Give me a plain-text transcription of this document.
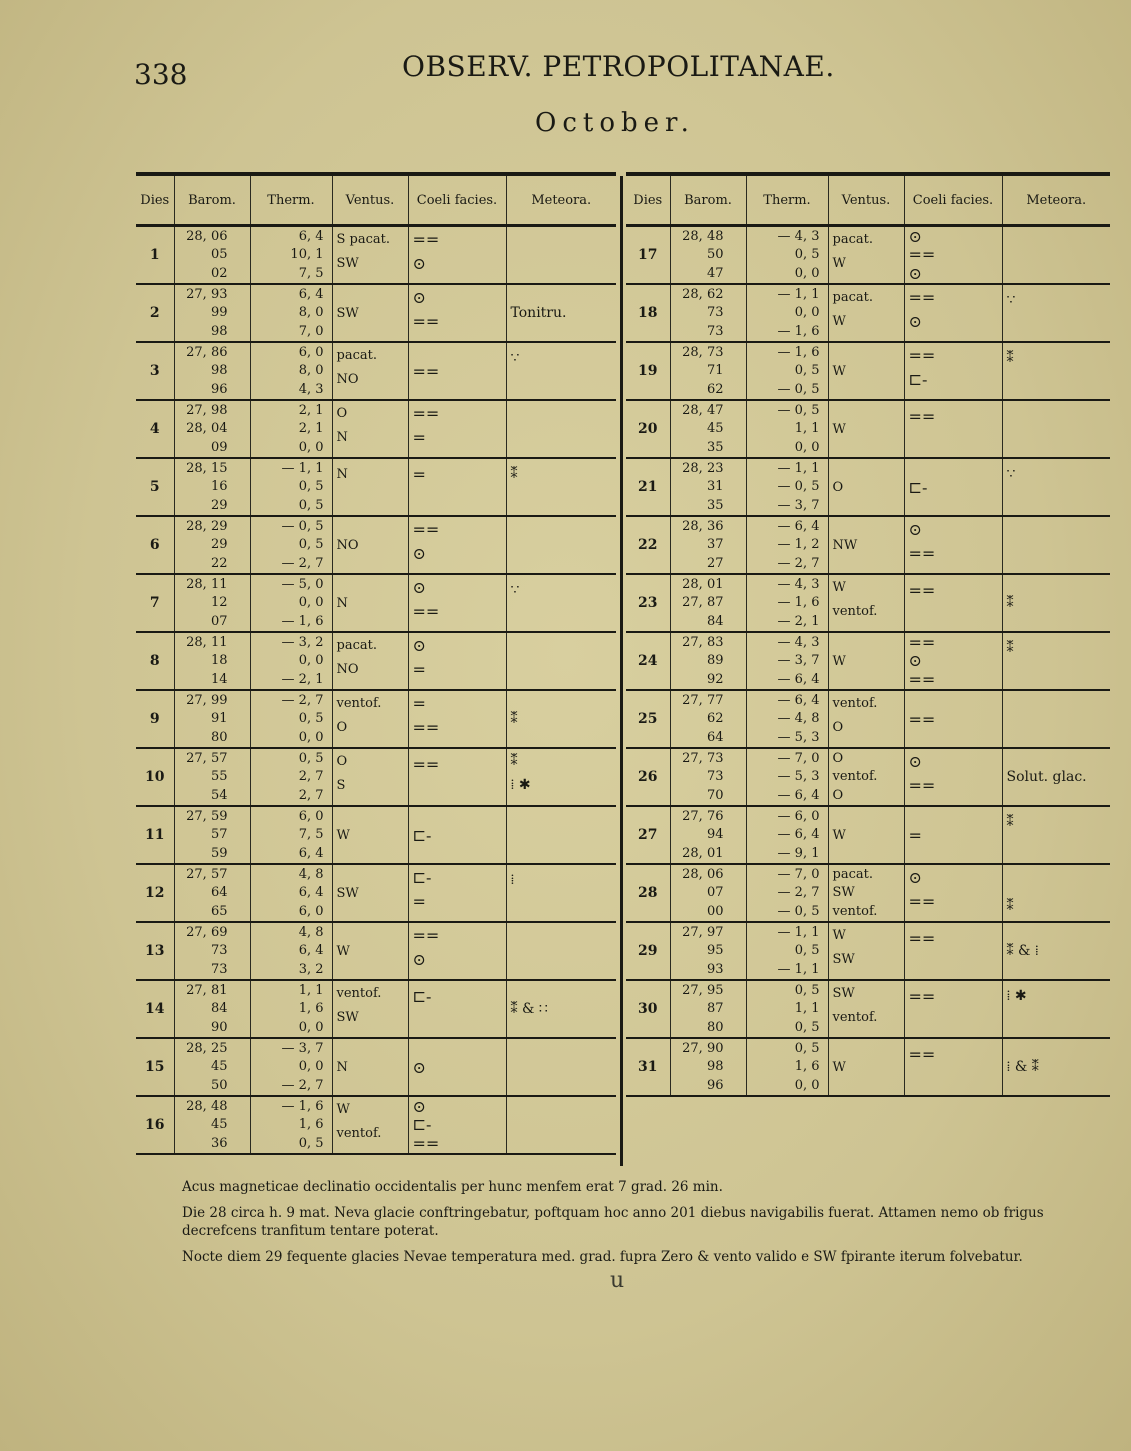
338	OBSERV. PETROPOLITANAE.
October.
Dies	Barom.	Therm.	Ventus.	Coeli facies.	Meteora.
1	28, 06
05
02	6, 4
10, 1
7, 5	S pacat.
SW	==
⊙	

2	27, 93
99
98	6, 4
8, 0
7, 0	SW	⊙
==	Tonitru.

3	27, 86
98
96	6, 0
8, 0
4, 3	pacat.
NO	==	∵

4	27, 98
28, 04
09	2, 1
2, 1
0, 0	O
N	==
=	

5	28, 15
16
29	— 1, 1
0, 5
0, 5	N	=	⁑

6	28, 29
29
22	— 0, 5
0, 5
— 2, 7	NO	==
⊙	

7	28, 11
12
07	— 5, 0
0, 0
— 1, 6	N	⊙
==	∵

8	28, 11
18
14	— 3, 2
0, 0
— 2, 1	pacat.
NO	⊙
=	

9	27, 99
91
80	— 2, 7
0, 5
0, 0	ventof.
O	=
==	⁑

10	27, 57
55
54	0, 5
2, 7
2, 7	O
S	==	⁑
⁞ ✱

11	27, 59
57
59	6, 0
7, 5
6, 4	W	⊏-	

12	27, 57
64
65	4, 8
6, 4
6, 0	SW	⊏-
=	⁞

13	27, 69
73
73	4, 8
6, 4
3, 2	W	==
⊙	

14	27, 81
84
90	1, 1
1, 6
0, 0	ventof.
SW	⊏-	⁑ & ∷

15	28, 25
45
50	— 3, 7
0, 0
— 2, 7	N	⊙	

16	28, 48
45
36	— 1, 6
1, 6
0, 5	W
ventof.	⊙
⊏-
==	

Dies	Barom.	Therm.	Ventus.	Coeli facies.	Meteora.
17	28, 48
50
47	— 4, 3
0, 5
0, 0	pacat.
W	⊙
==
⊙	

18	28, 62
73
73	— 1, 1
0, 0
— 1, 6	pacat.
W	==
⊙	∵

19	28, 73
71
62	— 1, 6
0, 5
— 0, 5	W	==
⊏-	⁑

20	28, 47
45
35	— 0, 5
1, 1
0, 0	W	==	

21	28, 23
31
35	— 1, 1
— 0, 5
— 3, 7	O	⊏-	∵

22	28, 36
37
27	— 6, 4
— 1, 2
— 2, 7	NW	⊙
==	

23	28, 01
27, 87
84	— 4, 3
— 1, 6
— 2, 1	W
ventof.	==	⁑

24	27, 83
89
92	— 4, 3
— 3, 7
— 6, 4	W	==
⊙
==	⁑

25	27, 77
62
64	— 6, 4
— 4, 8
— 5, 3	ventof.
O	==	

26	27, 73
73
70	— 7, 0
— 5, 3
— 6, 4	O
ventof.
O	⊙
==	Solut. glac.

27	27, 76
94
28, 01	— 6, 0
— 6, 4
— 9, 1	W	=	⁑

28	28, 06
07
00	— 7, 0
— 2, 7
— 0, 5	pacat.
SW
ventof.	⊙
==	⁑

29	27, 97
95
93	— 1, 1
0, 5
— 1, 1	W
SW	==	⁑ & ⁞

30	27, 95
87
80	0, 5
1, 1
0, 5	SW
ventof.	==	⁞ ✱

31	27, 90
98
96	0, 5
1, 6
0, 0	W	==	⁞ & ⁑

Acus magneticae declinatio occidentalis per hunc menfem erat 7 grad. 26 min.

Die 28 circa h. 9 mat. Neva glacie conftringebatur, poftquam hoc anno 201 diebus navigabilis fuerat. Attamen nemo ob frigus decrefcens tranfitum tentare poterat.

Nocte diem 29 fequente glacies Nevae temperatura med. grad. fupra Zero & vento valido e SW fpirante iterum folvebatur.

u
